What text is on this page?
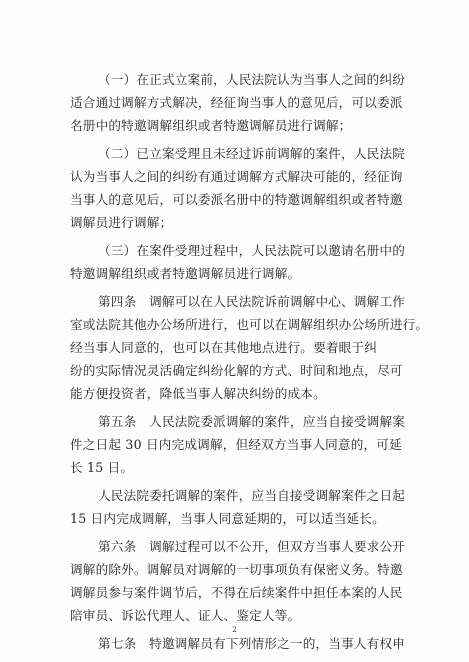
（一）在正式立案前，人民法院认为当事人之间的纠纷
适合通过调解方式解决，经征询当事人的意见后，可以委派
名册中的特邀调解组织或者特邀调解员进行调解；
（二）已立案受理且未经过诉前调解的案件，人民法院
认为当事人之间的纠纷有通过调解方式解决可能的，经征询
当事人的意见后，可以委派名册中的特邀调解组织或者特邀
调解员进行调解；
（三）在案件受理过程中，人民法院可以邀请名册中的
特邀调解组织或者特邀调解员进行调解。
第四条　调解可以在人民法院诉前调解中心、调解工作
室或法院其他办公场所进行，也可以在调解组织办公场所进行。
经当事人同意的，也可以在其他地点进行。要着眼于纠
纷的实际情况灵活确定纠纷化解的方式、时间和地点，尽可
能方便投资者，降低当事人解决纠纷的成本。
第五条　人民法院委派调解的案件，应当自接受调解案
件之日起 30 日内完成调解，但经双方当事人同意的，可延
长 15 日。
人民法院委托调解的案件，应当自接受调解案件之日起
15 日内完成调解，当事人同意延期的，可以适当延长。
第六条　调解过程可以不公开，但双方当事人要求公开
调解的除外。调解员对调解的一切事项负有保密义务。特邀
调解员参与案件调节后，不得在后续案件中担任本案的人民
陪审员、诉讼代理人、证人、鉴定人等。
第七条　特邀调解员有下列情形之一的，当事人有权申
2
